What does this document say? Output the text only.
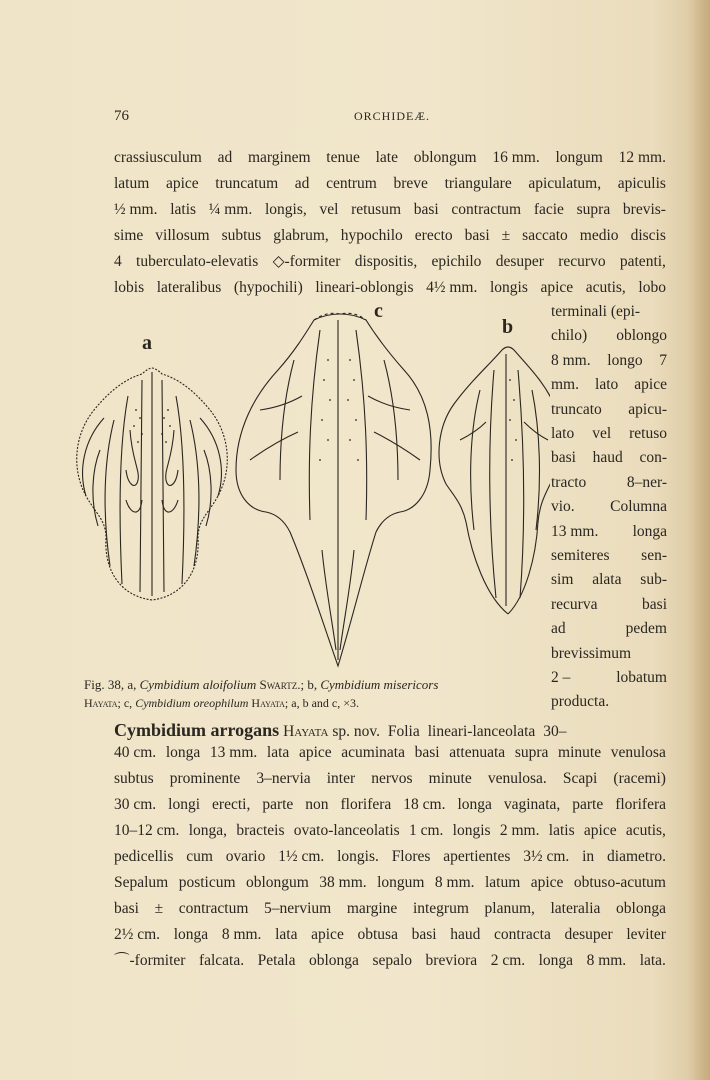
76	ORCHIDEÆ.
crassiusculum ad marginem tenue late oblongum 16 mm. longum 12 mm.
latum apice truncatum ad centrum breve triangulare apiculatum, apiculis
½ mm. latis ¼ mm. longis, vel retusum basi contractum facie supra brevis-
sime villosum subtus glabrum, hypochilo erecto basi ± saccato medio discis
4 tuberculato-elevatis ◇-formiter dispositis, epichilo desuper recurvo patenti,
lobis lateralibus (hypochili) lineari-oblongis 4½ mm. longis apice acutis, lobo
terminali (epi-
chilo) oblongo
8 mm. longo 7
mm. lato apice
truncato apicu-
lato vel retuso
basi haud con-
tracto	8–ner-
vio. Columna
13 mm. longa
semiteres sen-
sim alata sub-
recurva	basi
ad	pedem
brevissimum
2 –	lobatum
producta.
a
c
b
Fig. 38, a, Cymbidium aloifolium Swartz.; b, Cymbidium misericors
Hayata; c, Cymbidium oreophilum Hayata; a, b and c, ×3.
Cymbidium arrogans Hayata sp. nov. Folia lineari-lanceolata 30–
40 cm. longa 13 mm. lata apice acuminata basi attenuata supra minute venulosa
subtus prominente 3–nervia inter nervos minute venulosa. Scapi (racemi)
30 cm. longi erecti, parte non florifera 18 cm. longa vaginata, parte florifera
10–12 cm. longa, bracteis ovato-lanceolatis 1 cm. longis 2 mm. latis apice acutis,
pedicellis cum ovario 1½ cm. longis. Flores apertientes 3½ cm. in diametro.
Sepalum posticum oblongum 38 mm. longum 8 mm. latum apice obtuso-acutum
basi ± contractum 5–nervium margine integrum planum, lateralia oblonga
2½ cm. longa 8 mm. lata apice obtusa basi haud contracta desuper leviter
⌒-formiter falcata. Petala oblonga sepalo breviora 2 cm. longa 8 mm. lata.
